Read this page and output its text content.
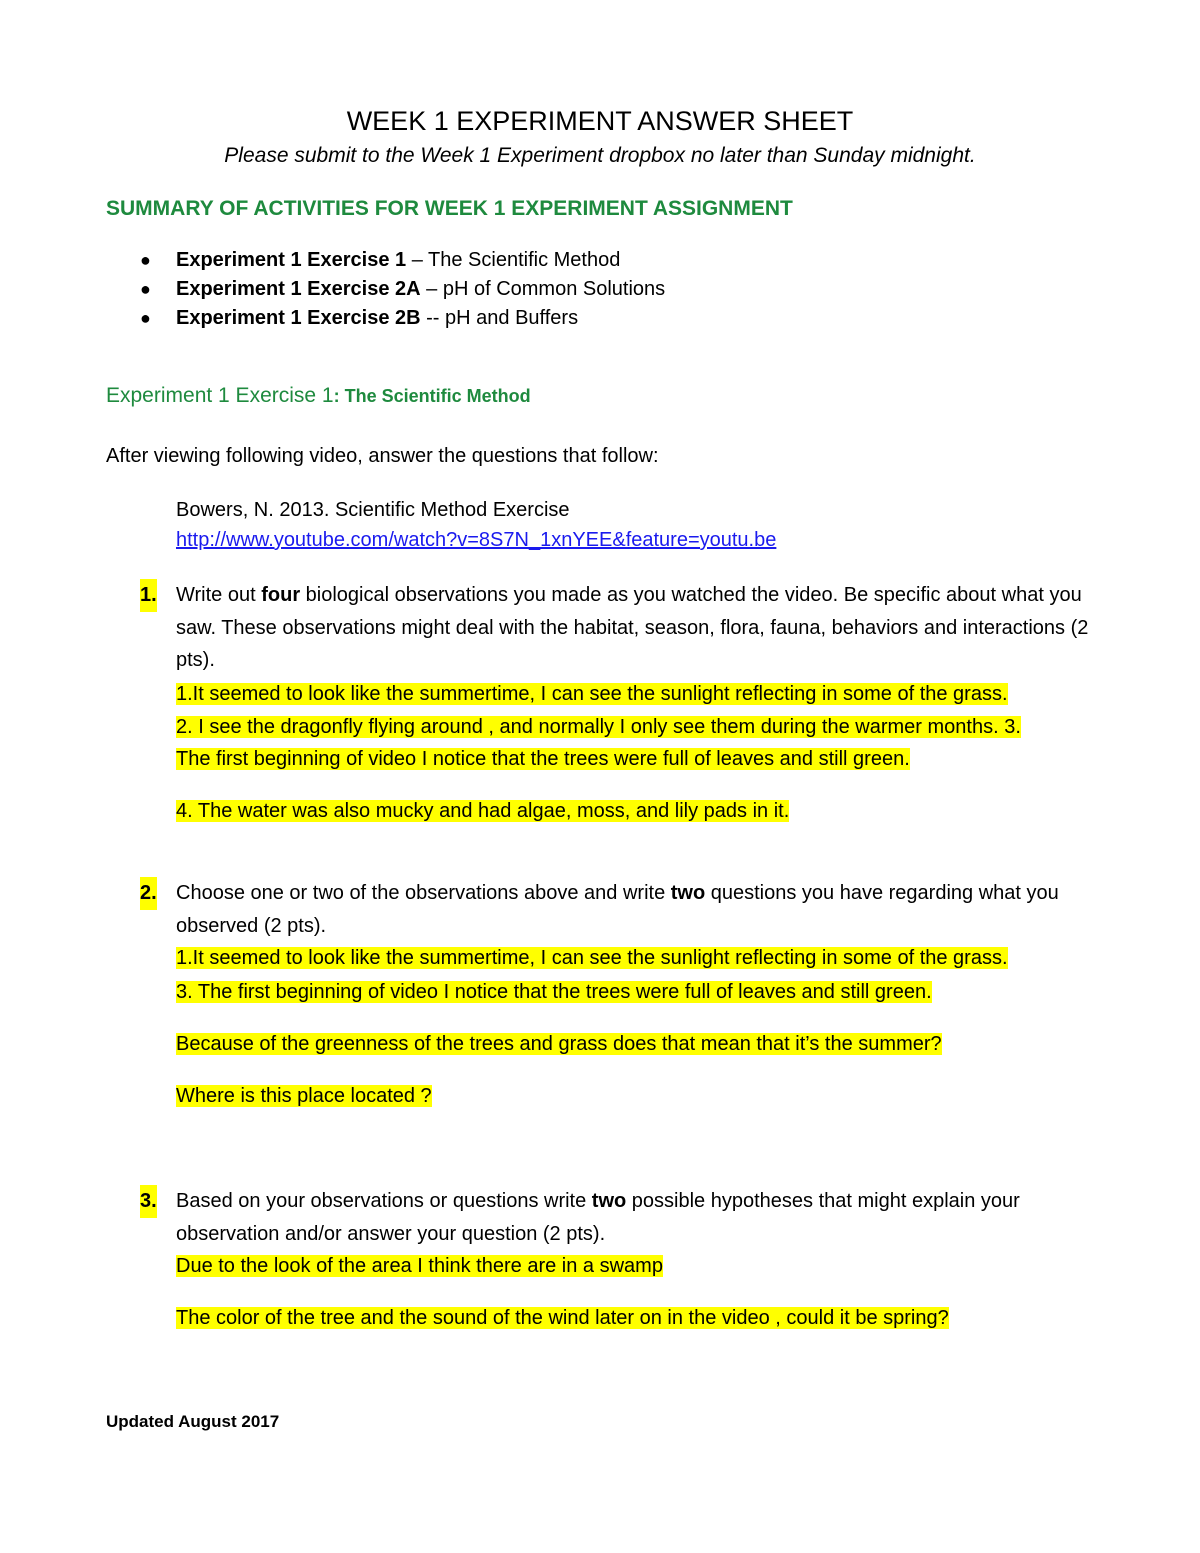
WEEK 1 EXPERIMENT ANSWER SHEET
Please submit to the Week 1 Experiment dropbox no later than Sunday midnight.
SUMMARY OF ACTIVITIES FOR WEEK 1 EXPERIMENT ASSIGNMENT
● Experiment 1 Exercise 1 – The Scientific Method
● Experiment 1 Exercise 2A – pH of Common Solutions
● Experiment 1 Exercise 2B -- pH and Buffers
Experiment 1 Exercise 1: The Scientific Method
After viewing following video, answer the questions that follow:
Bowers, N. 2013. Scientific Method Exercise
http://www.youtube.com/watch?v=8S7N_1xnYEE&feature=youtu.be
1. Write out four biological observations you made as you watched the video. Be specific about what you saw. These observations might deal with the habitat, season, flora, fauna, behaviors and interactions (2 pts).
1.It seemed to look like the summertime, I can see the sunlight reflecting in some of the grass.
2. I see the dragonfly flying around , and normally I only see them during the warmer months. 3.
The first beginning of video I notice that the trees were full of leaves and still green.
4. The water was also mucky and had algae, moss, and lily pads in it.
2. Choose one or two of the observations above and write two questions you have regarding what you observed (2 pts).
1.It seemed to look like the summertime, I can see the sunlight reflecting in some of the grass.
3. The first beginning of video I notice that the trees were full of leaves and still green.
Because of the greenness of the trees and grass does that mean that it’s the summer?
Where is this place located ?
3. Based on your observations or questions write two possible hypotheses that might explain your observation and/or answer your question (2 pts).
Due to the look of the area I think there are in a swamp
The color of the tree and the sound of the wind later on in the video , could it be spring?
Updated August 2017
